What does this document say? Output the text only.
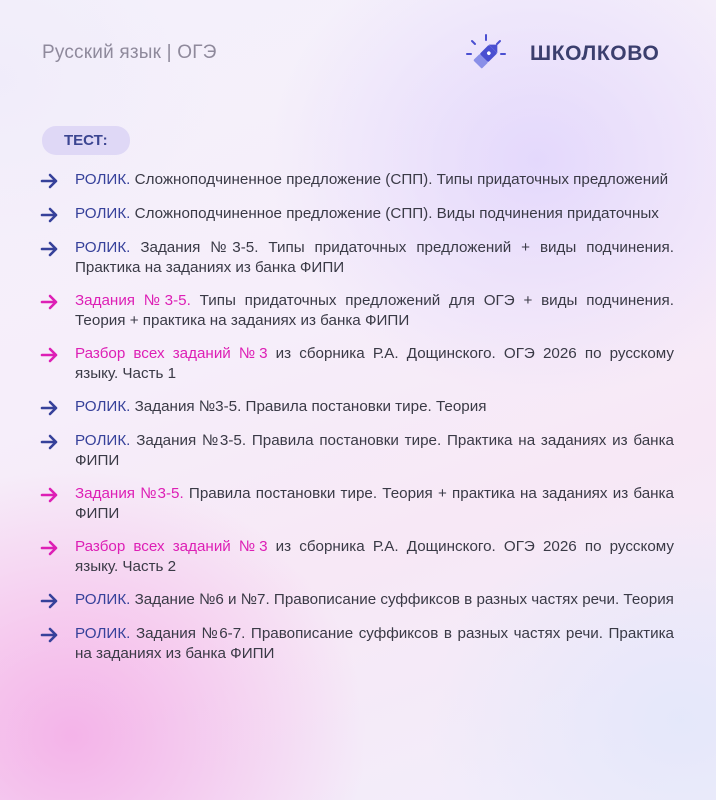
Русский язык | ОГЭ	ШКОЛКОВО
ТЕСТ:
РОЛИК. Сложноподчиненное предложение (СПП). Типы придаточных предложений
РОЛИК. Сложноподчиненное предложение (СПП). Виды подчинения придаточных
РОЛИК. Задания №3-5. Типы придаточных предложений + виды подчинения. Практика на заданиях из банка ФИПИ
Задания №3-5. Типы придаточных предложений для ОГЭ + виды подчинения. Теория + практика на заданиях из банка ФИПИ
Разбор всех заданий №3 из сборника Р.А. Дощинского. ОГЭ 2026 по русскому языку. Часть 1
РОЛИК. Задания №3-5. Правила постановки тире. Теория
РОЛИК. Задания №3-5. Правила постановки тире. Практика на заданиях из банка ФИПИ
Задания №3-5. Правила постановки тире. Теория + практика на заданиях из банка ФИПИ
Разбор всех заданий №3 из сборника Р.А. Дощинского. ОГЭ 2026 по русскому языку. Часть 2
РОЛИК. Задание №6 и №7. Правописание суффиксов в разных частях речи. Теория
РОЛИК. Задания №6-7. Правописание суффиксов в разных частях речи. Практика на заданиях из банка ФИПИ
